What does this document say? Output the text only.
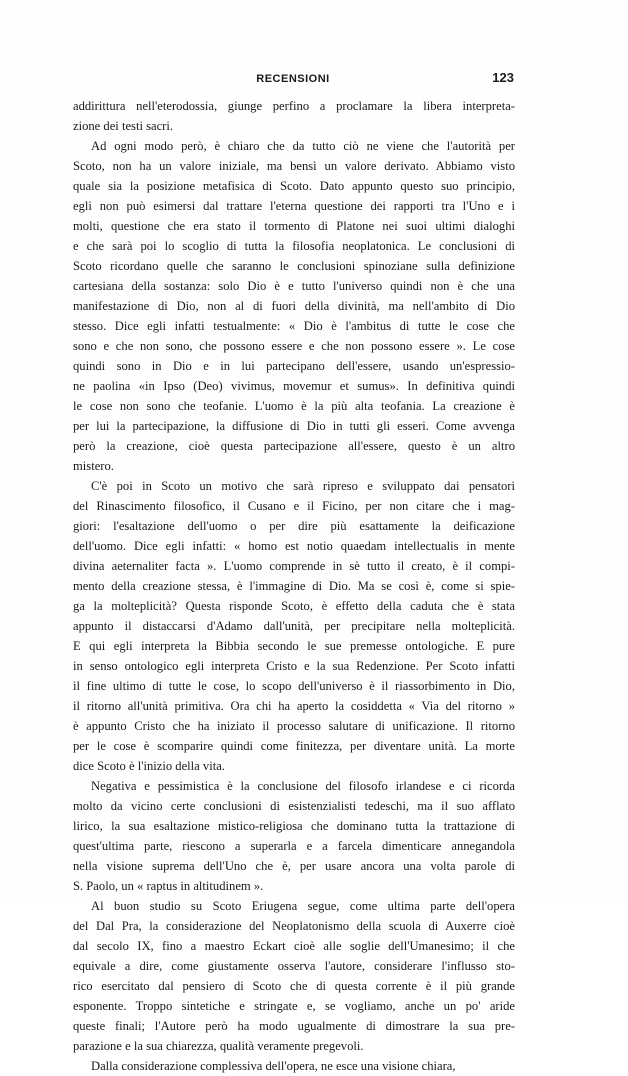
RECENSIONI	123
addirittura nell'eterodossia, giunge perfino a proclamare la libera interpreta-
zione dei testi sacri.
Ad ogni modo però, è chiaro che da tutto ciò ne viene che l'autorità per
Scoto, non ha un valore iniziale, ma bensì un valore derivato. Abbiamo visto
quale sia la posizione metafisica di Scoto. Dato appunto questo suo principio,
egli non può esimersi dal trattare l'eterna questione dei rapporti tra l'Uno e i
molti, questione che era stato il tormento di Platone nei suoi ultimi dialoghi
e che sarà poi lo scoglio di tutta la filosofia neoplatonica. Le conclusioni di
Scoto ricordano quelle che saranno le conclusioni spinoziane sulla definizione
cartesiana della sostanza: solo Dio è e tutto l'universo quindi non è che una
manifestazione di Dio, non al di fuori della divinità, ma nell'ambito di Dio
stesso. Dice egli infatti testualmente: « Dio è l'ambitus di tutte le cose che
sono e che non sono, che possono essere e che non possono essere ». Le cose
quindi sono in Dio e in lui partecipano dell'essere, usando un'espressio-
ne paolina «in Ipso (Deo) vivimus, movemur et sumus». In definitiva quindi
le cose non sono che teofanie. L'uomo è la più alta teofania. La creazione è
per lui la partecipazione, la diffusione di Dio in tutti gli esseri. Come avvenga
però la creazione, cioè questa partecipazione all'essere, questo è un altro
mistero.
C'è poi in Scoto un motivo che sarà ripreso e sviluppato dai pensatori
del Rinascimento filosofico, il Cusano e il Ficino, per non citare che i mag-
giori: l'esaltazione dell'uomo o per dire più esattamente la deificazione
dell'uomo. Dice egli infatti: « homo est notio quaedam intellectualis in mente
divina aeternaliter facta ». L'uomo comprende in sè tutto il creato, è il compi-
mento della creazione stessa, è l'immagine di Dio. Ma se così è, come si spie-
ga la molteplicità? Questa risponde Scoto, è effetto della caduta che è stata
appunto il distaccarsi d'Adamo dall'unità, per precipitare nella molteplicità.
E qui egli interpreta la Bibbia secondo le sue premesse ontologiche. E pure
in senso ontologico egli interpreta Cristo e la sua Redenzione. Per Scoto infatti
il fine ultimo di tutte le cose, lo scopo dell'universo è il riassorbimento in Dio,
il ritorno all'unità primitiva. Ora chi ha aperto la cosiddetta « Via del ritorno »
è appunto Cristo che ha iniziato il processo salutare di unificazione. Il ritorno
per le cose è scomparire quindi come finitezza, per diventare unità. La morte
dice Scoto è l'inizio della vita.
Negativa e pessimistica è la conclusione del filosofo irlandese e ci ricorda
molto da vicino certe conclusioni di esistenzialisti tedeschi, ma il suo afflato
lirico, la sua esaltazione mistico-religiosa che dominano tutta la trattazione di
quest'ultima parte, riescono a superarla e a farcela dimenticare annegandola
nella visione suprema dell'Uno che è, per usare ancora una volta parole di
S. Paolo, un « raptus in altitudinem ».
Al buon studio su Scoto Eriugena segue, come ultima parte dell'opera
del Dal Pra, la considerazione del Neoplatonismo della scuola di Auxerre cioè
dal secolo IX, fino a maestro Eckart cioè alle soglie dell'Umanesimo; il che
equivale a dire, come giustamente osserva l'autore, considerare l'influsso sto-
rico esercitato dal pensiero di Scoto che di questa corrente è il più grande
esponente. Troppo sintetiche e stringate e, se vogliamo, anche un po' aride
queste finali; l'Autore però ha modo ugualmente di dimostrare la sua pre-
parazione e la sua chiarezza, qualità veramente pregevoli.
Dalla considerazione complessiva dell'opera, ne esce una visione chiara,
